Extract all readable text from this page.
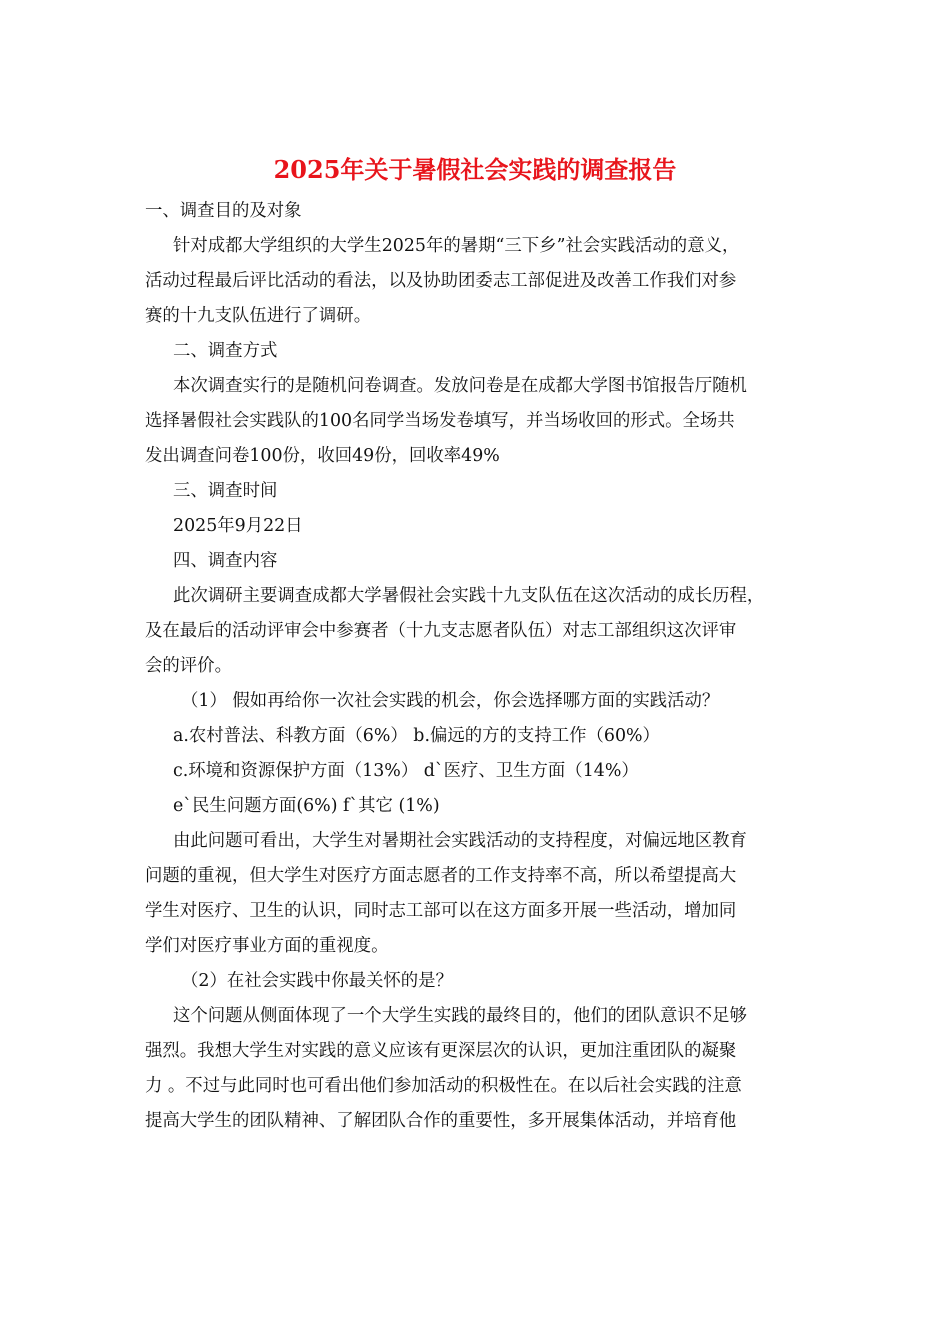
2025年关于暑假社会实践的调查报告
一、调查目的及对象
针对成都大学组织的大学生2025年的暑期“三下乡”社会实践活动的意义，
活动过程最后评比活动的看法，以及协助团委志工部促进及改善工作我们对参
赛的十九支队伍进行了调研。
二、调查方式
本次调查实行的是随机问卷调查。发放问卷是在成都大学图书馆报告厅随机
选择暑假社会实践队的100名同学当场发卷填写，并当场收回的形式。全场共
发出调查问卷100份，收回49份，回收率49%
三、调查时间
2025年9月22日
四、调查内容
此次调研主要调查成都大学暑假社会实践十九支队伍在这次活动的成长历程，
及在最后的活动评审会中参赛者（十九支志愿者队伍）对志工部组织这次评审
会的评价。
（1） 假如再给你一次社会实践的机会，你会选择哪方面的实践活动？
a.农村普法、科教方面（6%） b.偏远的方的支持工作（60%）
c.环境和资源保护方面（13%） d`医疗、卫生方面（14%）
e`民生问题方面(6%) f`其它 (1%)
由此问题可看出，大学生对暑期社会实践活动的支持程度，对偏远地区教育
问题的重视，但大学生对医疗方面志愿者的工作支持率不高，所以希望提高大
学生对医疗、卫生的认识，同时志工部可以在这方面多开展一些活动，增加同
学们对医疗事业方面的重视度。
（2）在社会实践中你最关怀的是？
这个问题从侧面体现了一个大学生实践的最终目的，他们的团队意识不足够
强烈。我想大学生对实践的意义应该有更深层次的认识，更加注重团队的凝聚
力 。不过与此同时也可看出他们参加活动的积极性在。在以后社会实践的注意
提高大学生的团队精神、了解团队合作的重要性，多开展集体活动，并培育他
